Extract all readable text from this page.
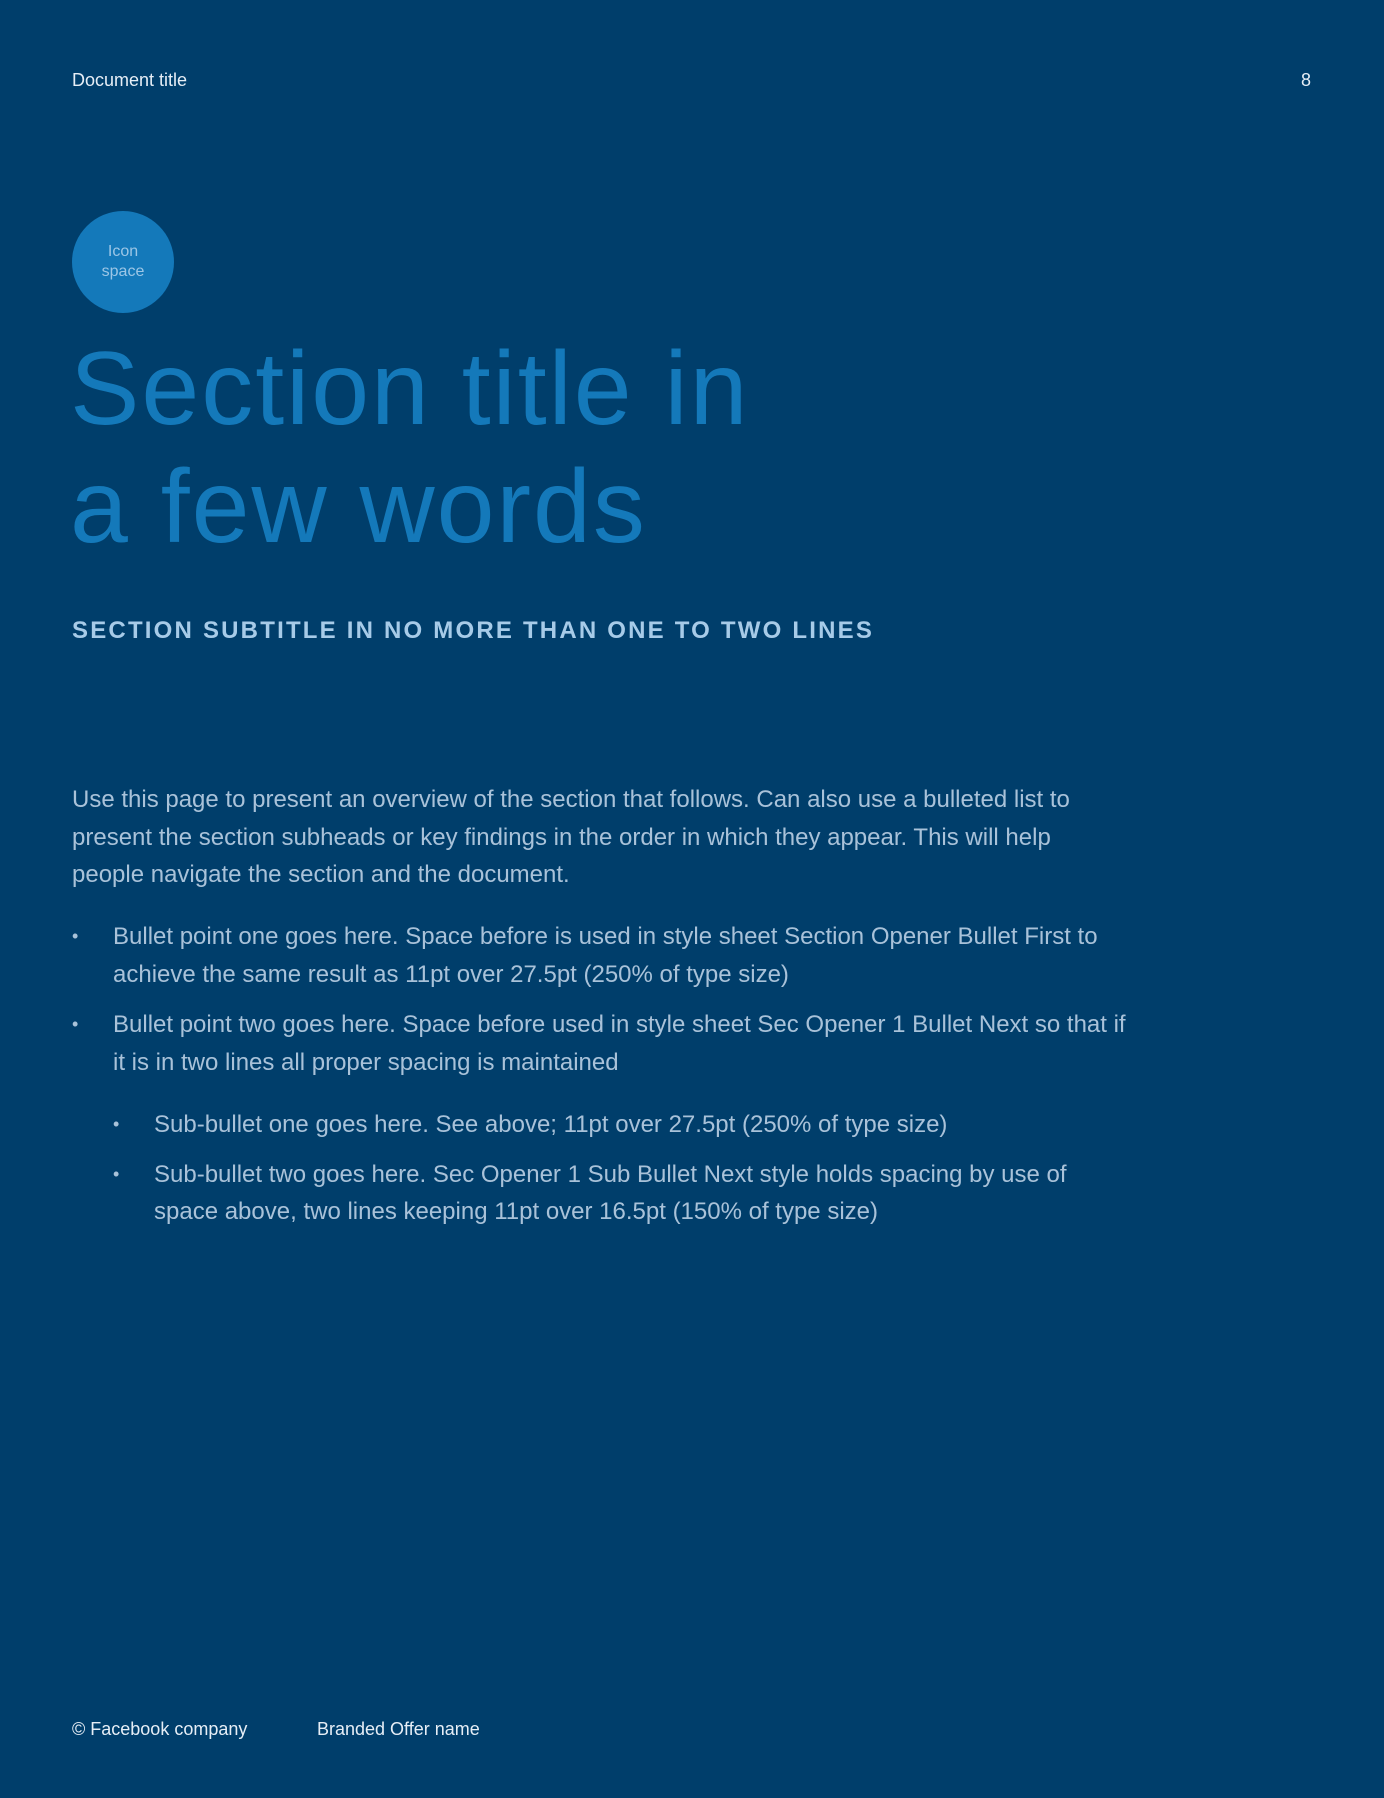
Document title	8
Icon
space
Section title in
a few words
SECTION SUBTITLE IN NO MORE THAN ONE TO TWO LINES

Use this page to present an overview of the section that follows. Can also use a bulleted list to present the section subheads or key findings in the order in which they appear. This will help people navigate the section and the document.

• Bullet point one goes here. Space before is used in style sheet Section Opener Bullet First to achieve the same result as 11pt over 27.5pt (250% of type size)
• Bullet point two goes here. Space before used in style sheet Sec Opener 1 Bullet Next so that if it is in two lines all proper spacing is maintained
• Sub-bullet one goes here. See above; 11pt over 27.5pt (250% of type size)
• Sub-bullet two goes here. Sec Opener 1 Sub Bullet Next style holds spacing by use of space above, two lines keeping 11pt over 16.5pt (150% of type size)
© Facebook company	Branded Offer name
